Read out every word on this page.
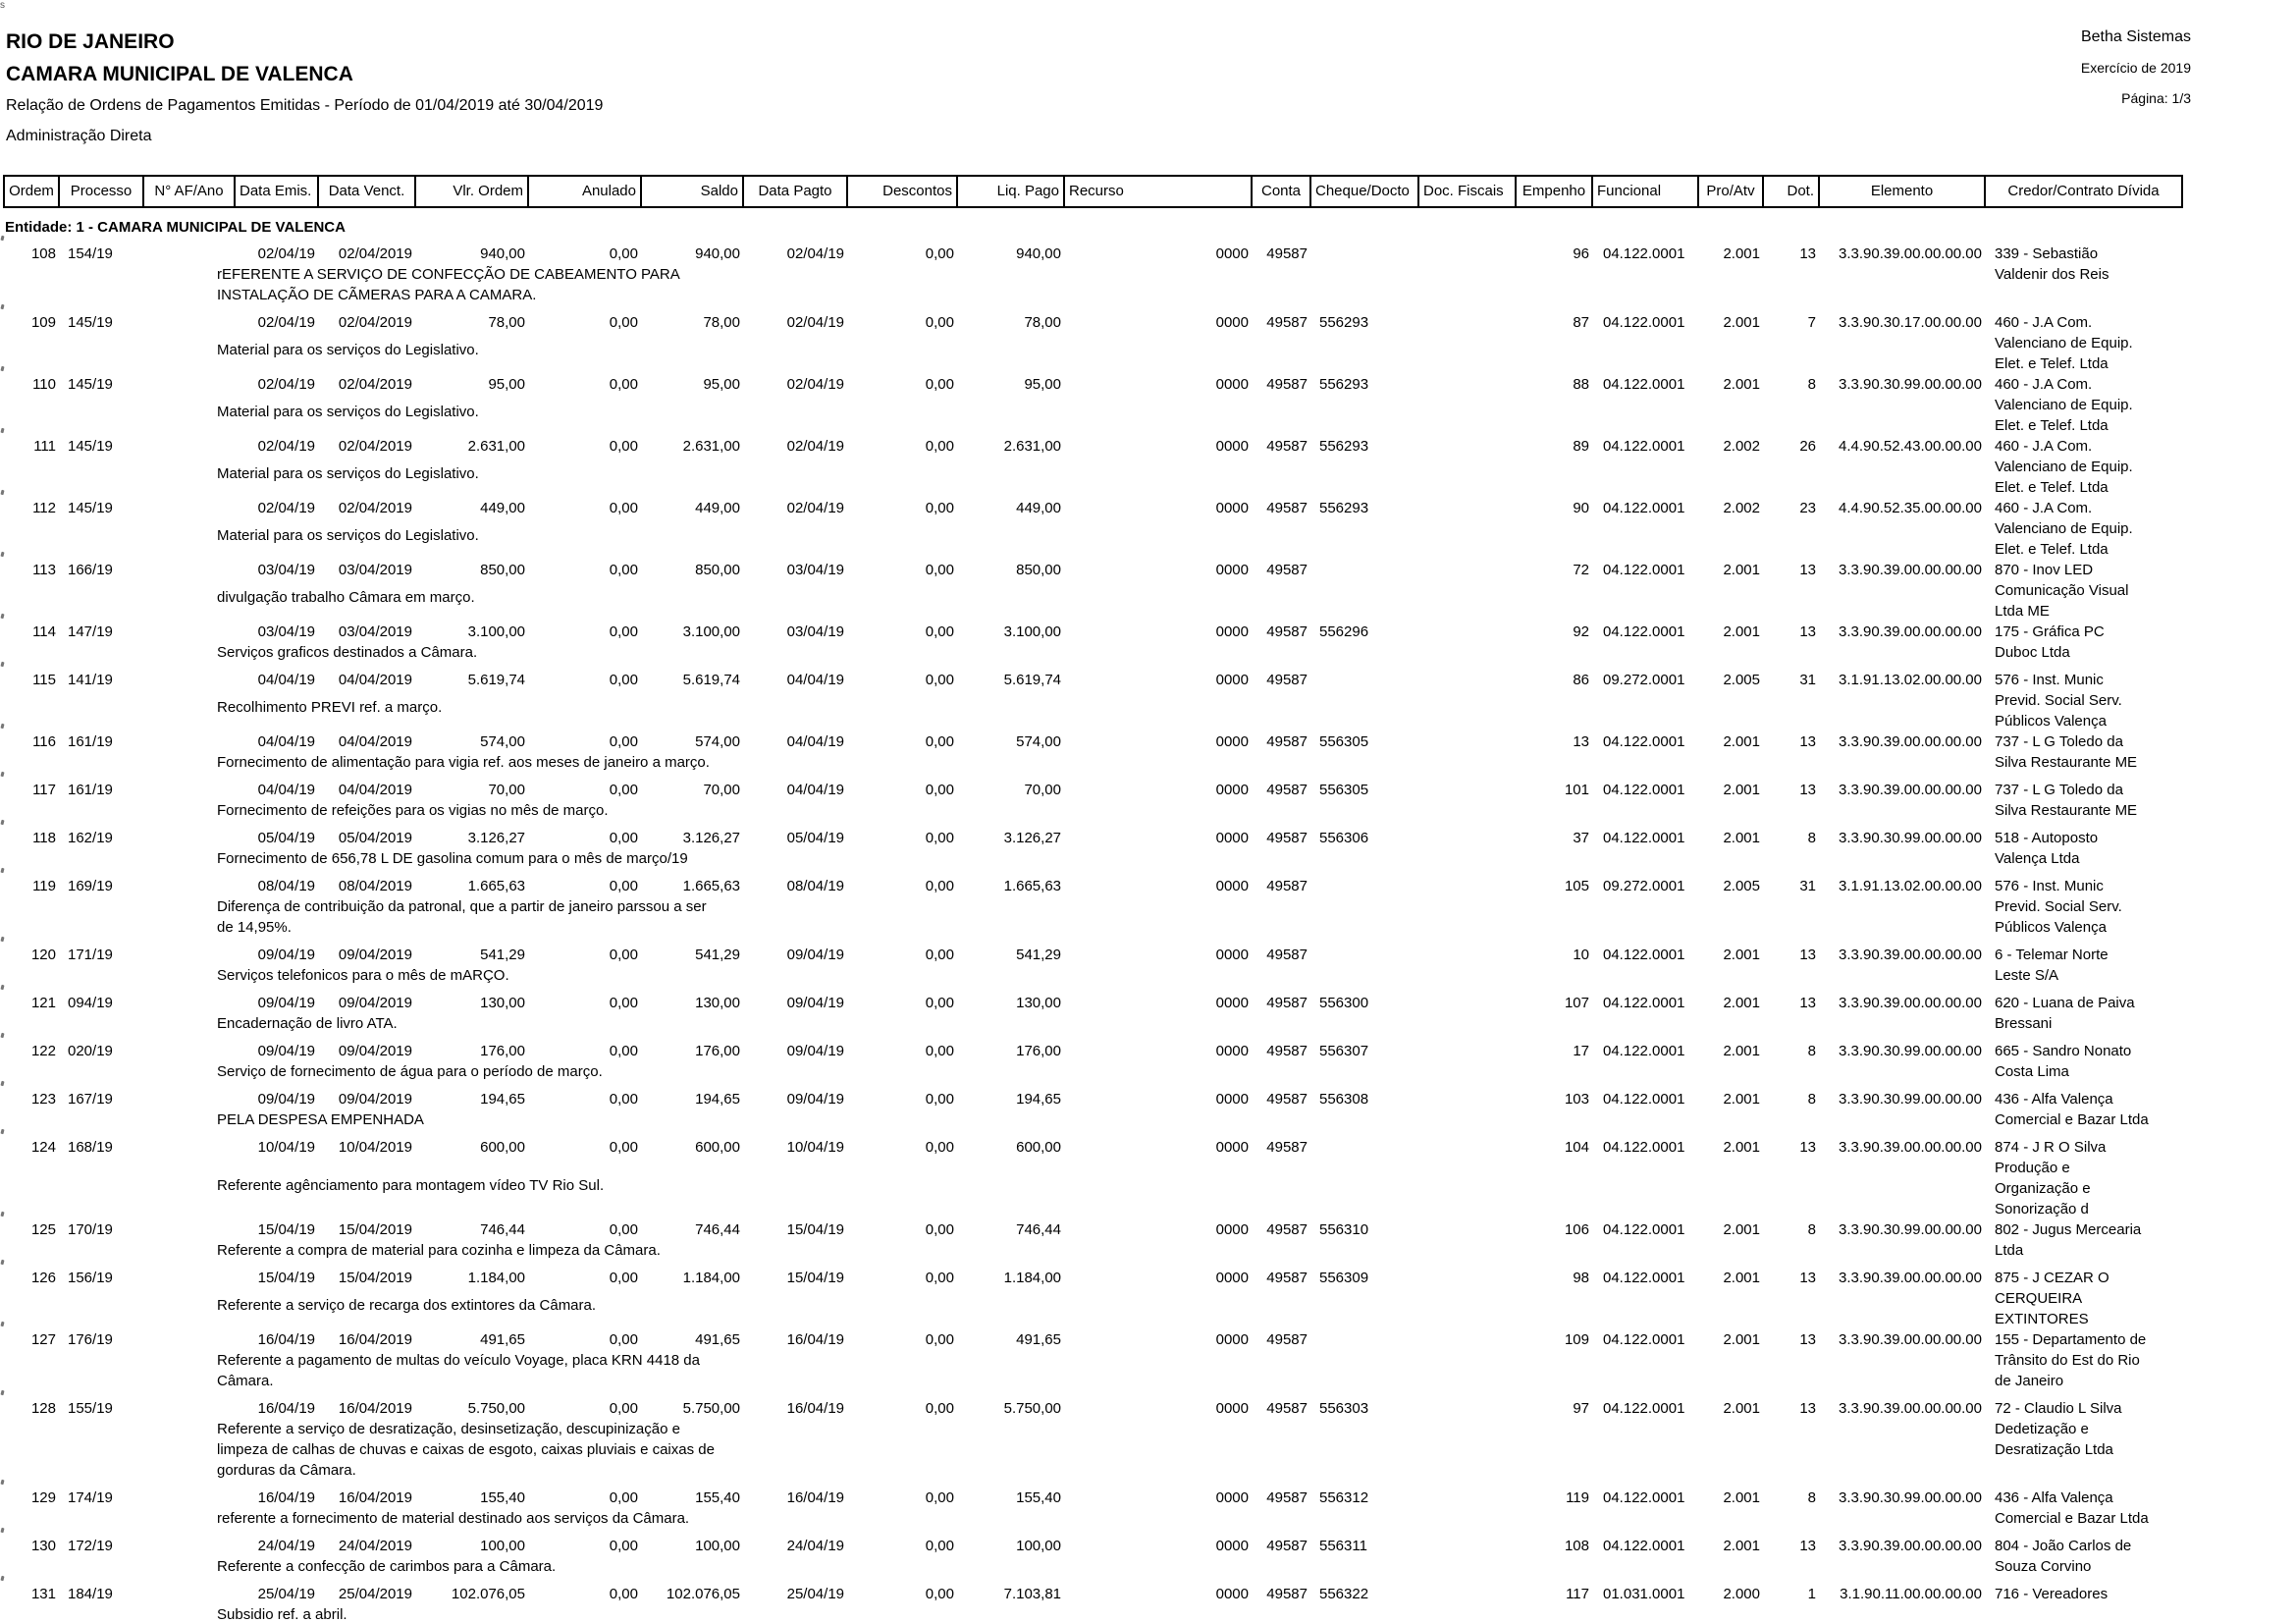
s
RIO DE JANEIRO
CAMARA MUNICIPAL DE VALENCA
Relação de Ordens de Pagamentos Emitidas - Período de 01/04/2019 até 30/04/2019
Administração Direta
Betha Sistemas
Exercício de 2019
Página: 1/3
Ordem	Processo	N° AF/Ano	Data Emis.	Data Venct.	Vlr. Ordem	Anulado	Saldo	Data Pagto	Descontos	Liq. Pago Recurso	Conta Cheque/Docto Doc. Fiscais	Empenho Funcional	Pro/Atv	Dot.	Elemento	Credor/Contrato Dívida
Entidade: 1 - CAMARA MUNICIPAL DE VALENCA
108 154/19	02/04/19	02/04/2019	940,00	0,00	940,00	02/04/19	0,00	940,00	0000	49587	96 04.122.0001	2.001	13	3.3.90.39.00.00.00.00 339 - Sebastião
Valdenir dos Reis
rEFERENTE A SERVIÇO DE CONFECÇÃO DE CABEAMENTO PARA
INSTALAÇÃO DE CÃMERAS PARA A CAMARA.
109 145/19	02/04/19	02/04/2019	78,00	0,00	78,00	02/04/19	0,00	78,00	0000	49587 556293	87 04.122.0001	2.001	7	3.3.90.30.17.00.00.00 460 - J.A Com.
Valenciano de Equip.
Elet. e Telef. Ltda
Material para os serviços do Legislativo.
110 145/19	02/04/19	02/04/2019	95,00	0,00	95,00	02/04/19	0,00	95,00	0000	49587 556293	88 04.122.0001	2.001	8	3.3.90.30.99.00.00.00 460 - J.A Com.
Valenciano de Equip.
Elet. e Telef. Ltda
Material para os serviços do Legislativo.
111 145/19	02/04/19	02/04/2019	2.631,00	0,00	2.631,00	02/04/19	0,00	2.631,00	0000	49587 556293	89 04.122.0001	2.002	26	4.4.90.52.43.00.00.00 460 - J.A Com.
Valenciano de Equip.
Elet. e Telef. Ltda
Material para os serviços do Legislativo.
112 145/19	02/04/19	02/04/2019	449,00	0,00	449,00	02/04/19	0,00	449,00	0000	49587 556293	90 04.122.0001	2.002	23	4.4.90.52.35.00.00.00 460 - J.A Com.
Valenciano de Equip.
Elet. e Telef. Ltda
Material para os serviços do Legislativo.
113 166/19	03/04/19	03/04/2019	850,00	0,00	850,00	03/04/19	0,00	850,00	0000	49587	72 04.122.0001	2.001	13	3.3.90.39.00.00.00.00 870 - Inov LED
Comunicação Visual
Ltda ME
divulgação trabalho Câmara em março.
114 147/19	03/04/19	03/04/2019	3.100,00	0,00	3.100,00	03/04/19	0,00	3.100,00	0000	49587 556296	92 04.122.0001	2.001	13	3.3.90.39.00.00.00.00 175 - Gráfica PC
Duboc Ltda
Serviços graficos destinados a Câmara.
115 141/19	04/04/19	04/04/2019	5.619,74	0,00	5.619,74	04/04/19	0,00	5.619,74	0000	49587	86 09.272.0001	2.005	31	3.1.91.13.02.00.00.00 576 - Inst. Munic
Previd. Social Serv.
Públicos Valença
Recolhimento PREVI ref. a março.
116 161/19	04/04/19	04/04/2019	574,00	0,00	574,00	04/04/19	0,00	574,00	0000	49587 556305	13 04.122.0001	2.001	13	3.3.90.39.00.00.00.00 737 - L G Toledo da
Silva Restaurante ME
Fornecimento de alimentação para vigia ref. aos meses de janeiro a março.
117 161/19	04/04/19	04/04/2019	70,00	0,00	70,00	04/04/19	0,00	70,00	0000	49587 556305	101 04.122.0001	2.001	13	3.3.90.39.00.00.00.00 737 - L G Toledo da
Silva Restaurante ME
Fornecimento de refeições para os vigias no mês de março.
118 162/19	05/04/19	05/04/2019	3.126,27	0,00	3.126,27	05/04/19	0,00	3.126,27	0000	49587 556306	37 04.122.0001	2.001	8	3.3.90.30.99.00.00.00 518 - Autoposto
Valença Ltda
Fornecimento de 656,78 L DE gasolina comum para o mês de março/19
119 169/19	08/04/19	08/04/2019	1.665,63	0,00	1.665,63	08/04/19	0,00	1.665,63	0000	49587	105 09.272.0001	2.005	31	3.1.91.13.02.00.00.00 576 - Inst. Munic
Previd. Social Serv.
Públicos Valença
Diferença de contribuição da patronal, que a partir de janeiro parssou a ser
de 14,95%.
120 171/19	09/04/19	09/04/2019	541,29	0,00	541,29	09/04/19	0,00	541,29	0000	49587	10 04.122.0001	2.001	13	3.3.90.39.00.00.00.00 6 - Telemar Norte
Leste S/A
Serviços telefonicos para o mês de mARÇO.
121 094/19	09/04/19	09/04/2019	130,00	0,00	130,00	09/04/19	0,00	130,00	0000	49587 556300	107 04.122.0001	2.001	13	3.3.90.39.00.00.00.00 620 - Luana de Paiva
Bressani
Encadernação de livro ATA.
122 020/19	09/04/19	09/04/2019	176,00	0,00	176,00	09/04/19	0,00	176,00	0000	49587 556307	17 04.122.0001	2.001	8	3.3.90.30.99.00.00.00 665 - Sandro Nonato
Costa Lima
Serviço de fornecimento de água para o período de março.
123 167/19	09/04/19	09/04/2019	194,65	0,00	194,65	09/04/19	0,00	194,65	0000	49587 556308	103 04.122.0001	2.001	8	3.3.90.30.99.00.00.00 436 - Alfa Valença
Comercial e Bazar Ltda
PELA DESPESA EMPENHADA
124 168/19	10/04/19	10/04/2019	600,00	0,00	600,00	10/04/19	0,00	600,00	0000	49587	104 04.122.0001	2.001	13	3.3.90.39.00.00.00.00 874 - J R O Silva
Produção e
Organização e
Sonorização d
Referente agênciamento para montagem vídeo TV Rio Sul.
125 170/19	15/04/19	15/04/2019	746,44	0,00	746,44	15/04/19	0,00	746,44	0000	49587 556310	106 04.122.0001	2.001	8	3.3.90.30.99.00.00.00 802 - Jugus Mercearia
Ltda
Referente a compra de material para cozinha e limpeza da Câmara.
126 156/19	15/04/19	15/04/2019	1.184,00	0,00	1.184,00	15/04/19	0,00	1.184,00	0000	49587 556309	98 04.122.0001	2.001	13	3.3.90.39.00.00.00.00 875 - J CEZAR O
CERQUEIRA
EXTINTORES
Referente a serviço de recarga dos extintores da Câmara.
127 176/19	16/04/19	16/04/2019	491,65	0,00	491,65	16/04/19	0,00	491,65	0000	49587	109 04.122.0001	2.001	13	3.3.90.39.00.00.00.00 155 - Departamento de
Trânsito do Est do Rio
de Janeiro
Referente a pagamento de multas do veículo Voyage, placa KRN 4418 da
Câmara.
128 155/19	16/04/19	16/04/2019	5.750,00	0,00	5.750,00	16/04/19	0,00	5.750,00	0000	49587 556303	97 04.122.0001	2.001	13	3.3.90.39.00.00.00.00 72 - Claudio L Silva
Dedetização e
Desratização Ltda
Referente a serviço de desratização, desinsetização, descupinização e
limpeza de calhas de chuvas e caixas de esgoto, caixas pluviais e caixas de
gorduras da Câmara.
129 174/19	16/04/19	16/04/2019	155,40	0,00	155,40	16/04/19	0,00	155,40	0000	49587 556312	119 04.122.0001	2.001	8	3.3.90.30.99.00.00.00 436 - Alfa Valença
Comercial e Bazar Ltda
referente a fornecimento de material destinado aos serviços da Câmara.
130 172/19	24/04/19	24/04/2019	100,00	0,00	100,00	24/04/19	0,00	100,00	0000	49587 556311	108 04.122.0001	2.001	13	3.3.90.39.00.00.00.00 804 - João Carlos de
Souza Corvino
Referente a confecção de carimbos para a Câmara.
131 184/19	25/04/19	25/04/2019	102.076,05	0,00	102.076,05	25/04/19	0,00	7.103,81	0000	49587 556322	117 01.031.0001	2.000	1	3.1.90.11.00.00.00.00 716 - Vereadores
Subsidio ref. a abril.
